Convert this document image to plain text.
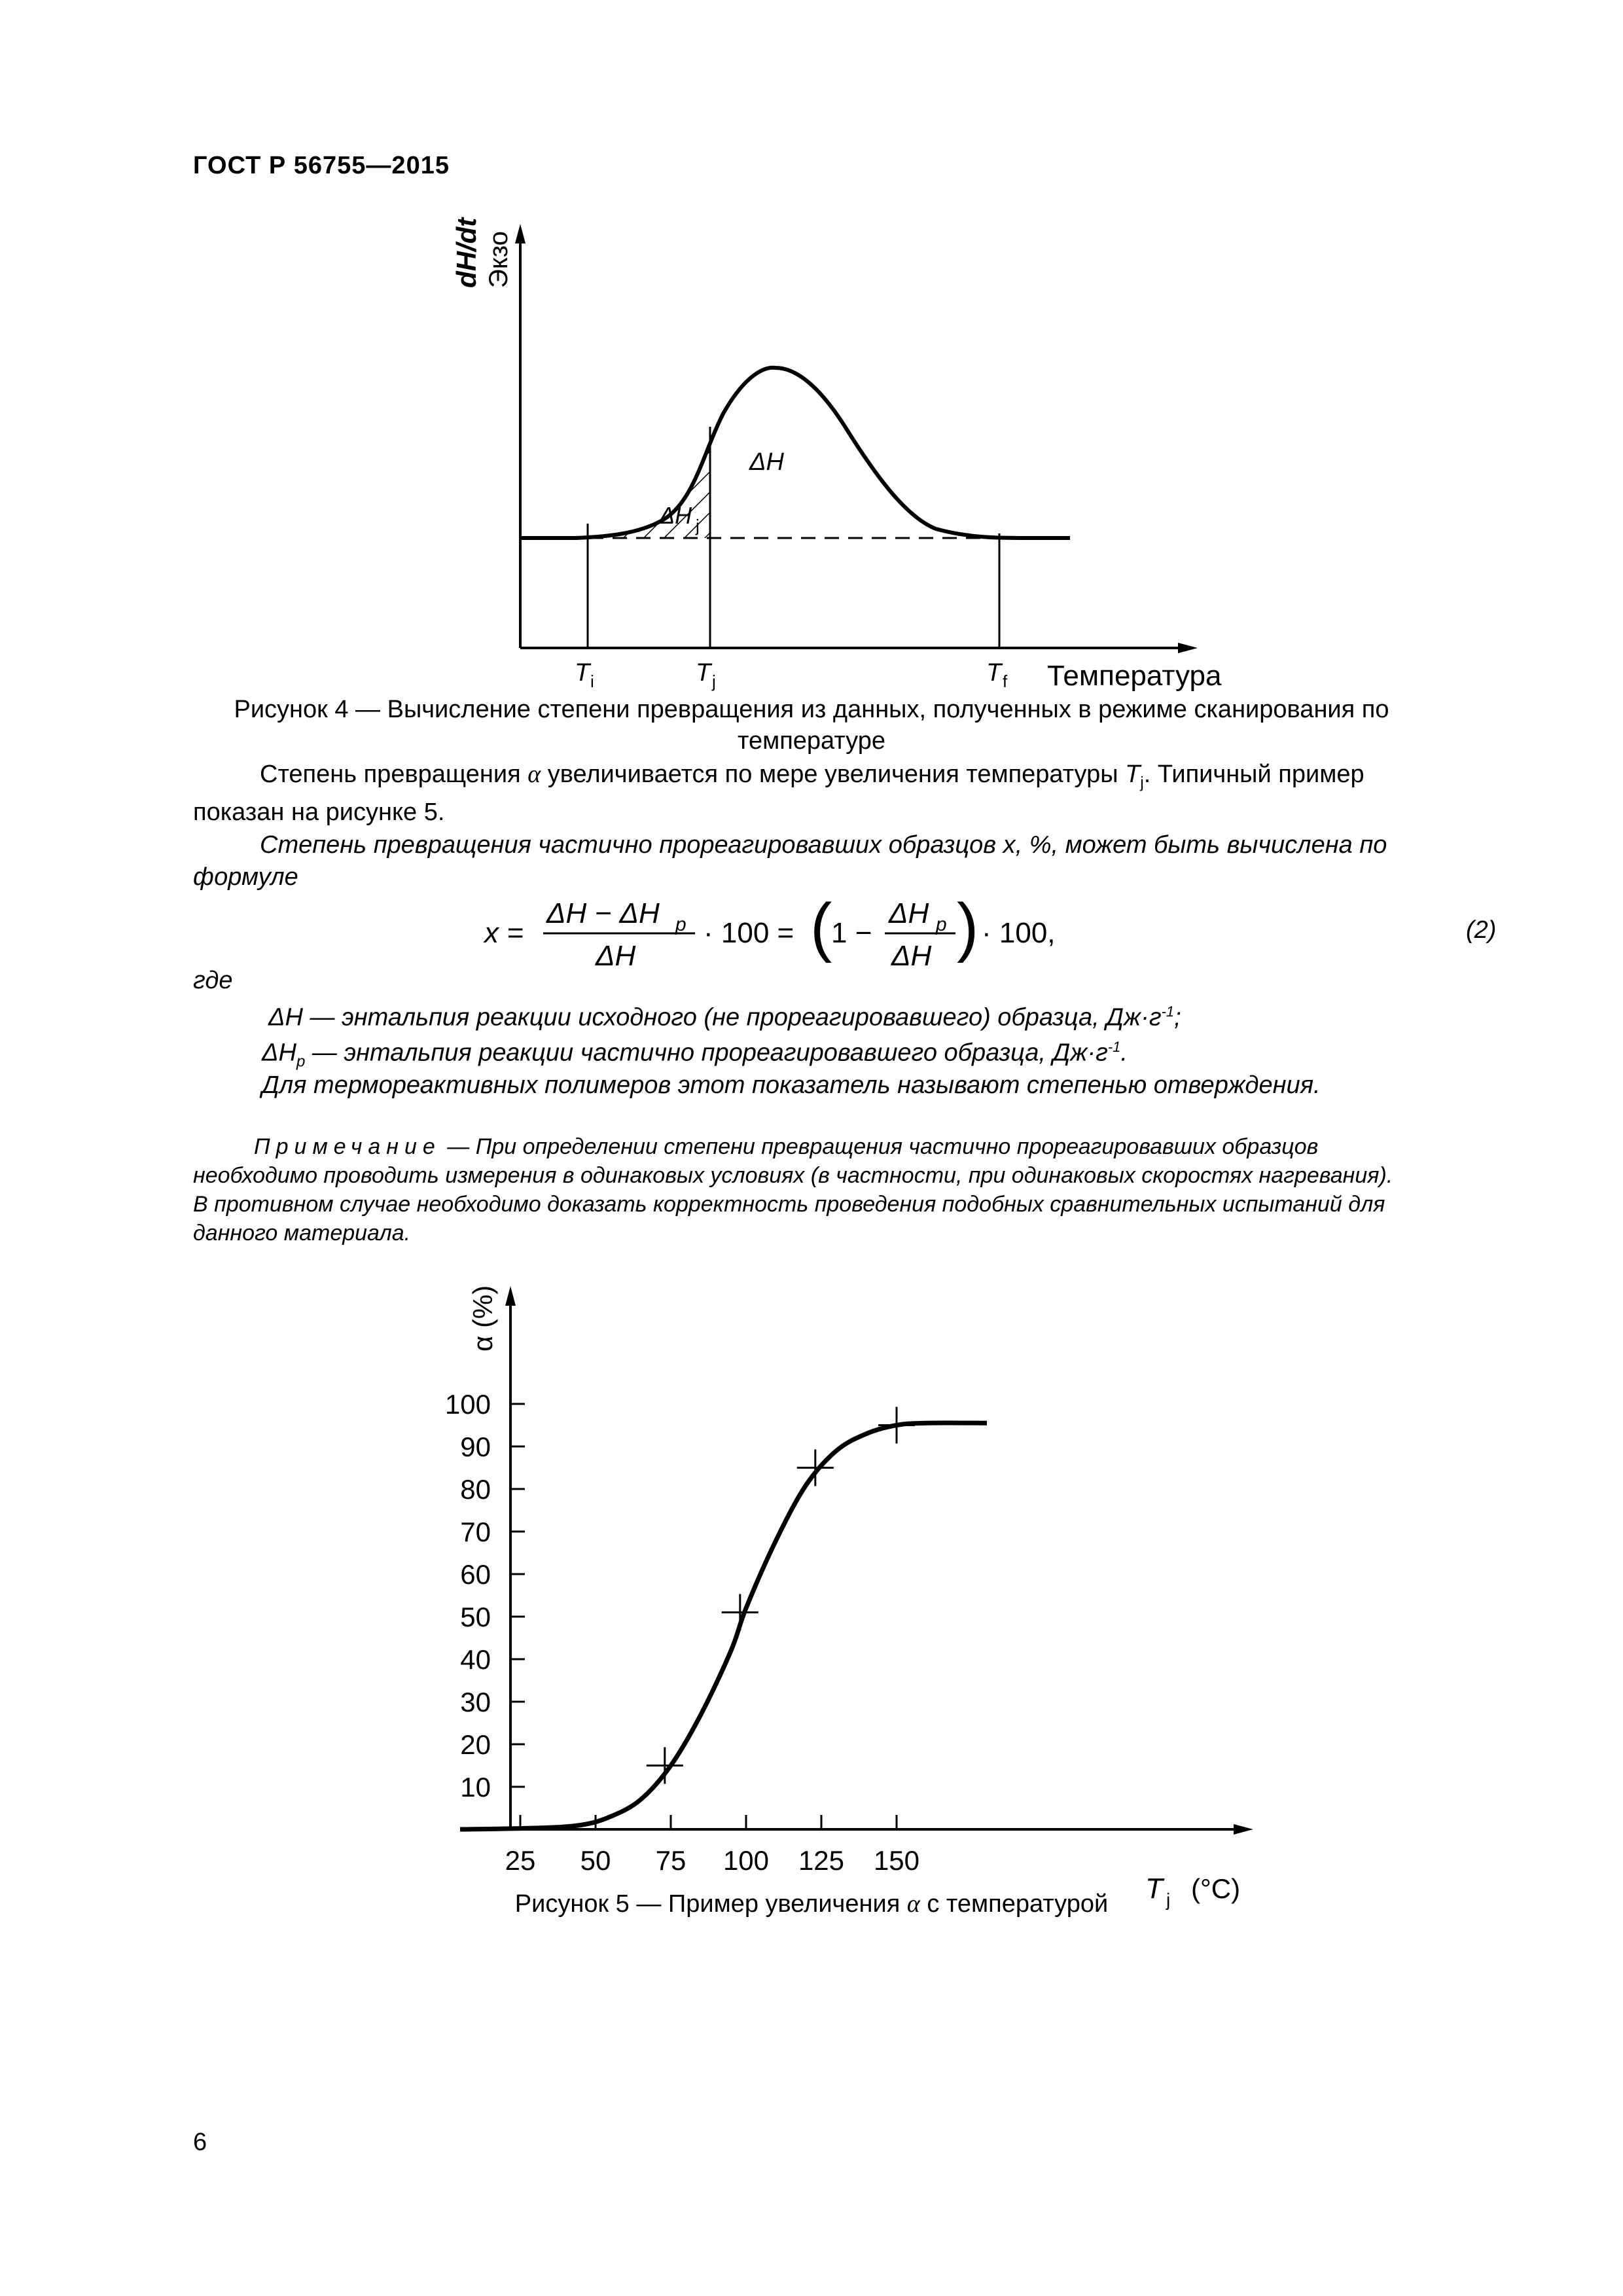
ГОСТ Р 56755—2015
dH/dt Экзо
ΔH
ΔH j
T i	T j	T f Температура
Рисунок 4 — Вычисление степени превращения из данных, полученных в режиме сканирования по
температуре
Степень превращения α увеличивается по мере увеличения температуры $T_j$. Типичный пример
показан на рисунке 5.
Степень превращения частично прореагировавших образцов x, %, может быть вычислена по
формуле
x =
ΔH − ΔH p
ΔH
· 100 = (
1 −
ΔH p
ΔH ) · 100,	(2)
где
ΔH — энтальпия реакции исходного (не прореагировавшего) образца, $Дж\cdot г^{-1}$;
$\Delta H_p$ — энтальпия реакции частично прореагировавшего образца, $Дж\cdot г^{-1}$.
Для термореактивных полимеров этот показатель называют степенью отверждения.
Примечание — При определении степени превращения частично прореагировавших образцов
необходимо проводить измерения в одинаковых условиях (в частности, при одинаковых скоростях нагревания).
В противном случае необходимо доказать корректность проведения подобных сравнительных испытаний для
данного материала.
10
20
30
40
50
60
70
80
90
100
25 50 75 100 125 150
α (%)
T j (°C)
Рисунок 5 — Пример увеличения α с температурой
6
